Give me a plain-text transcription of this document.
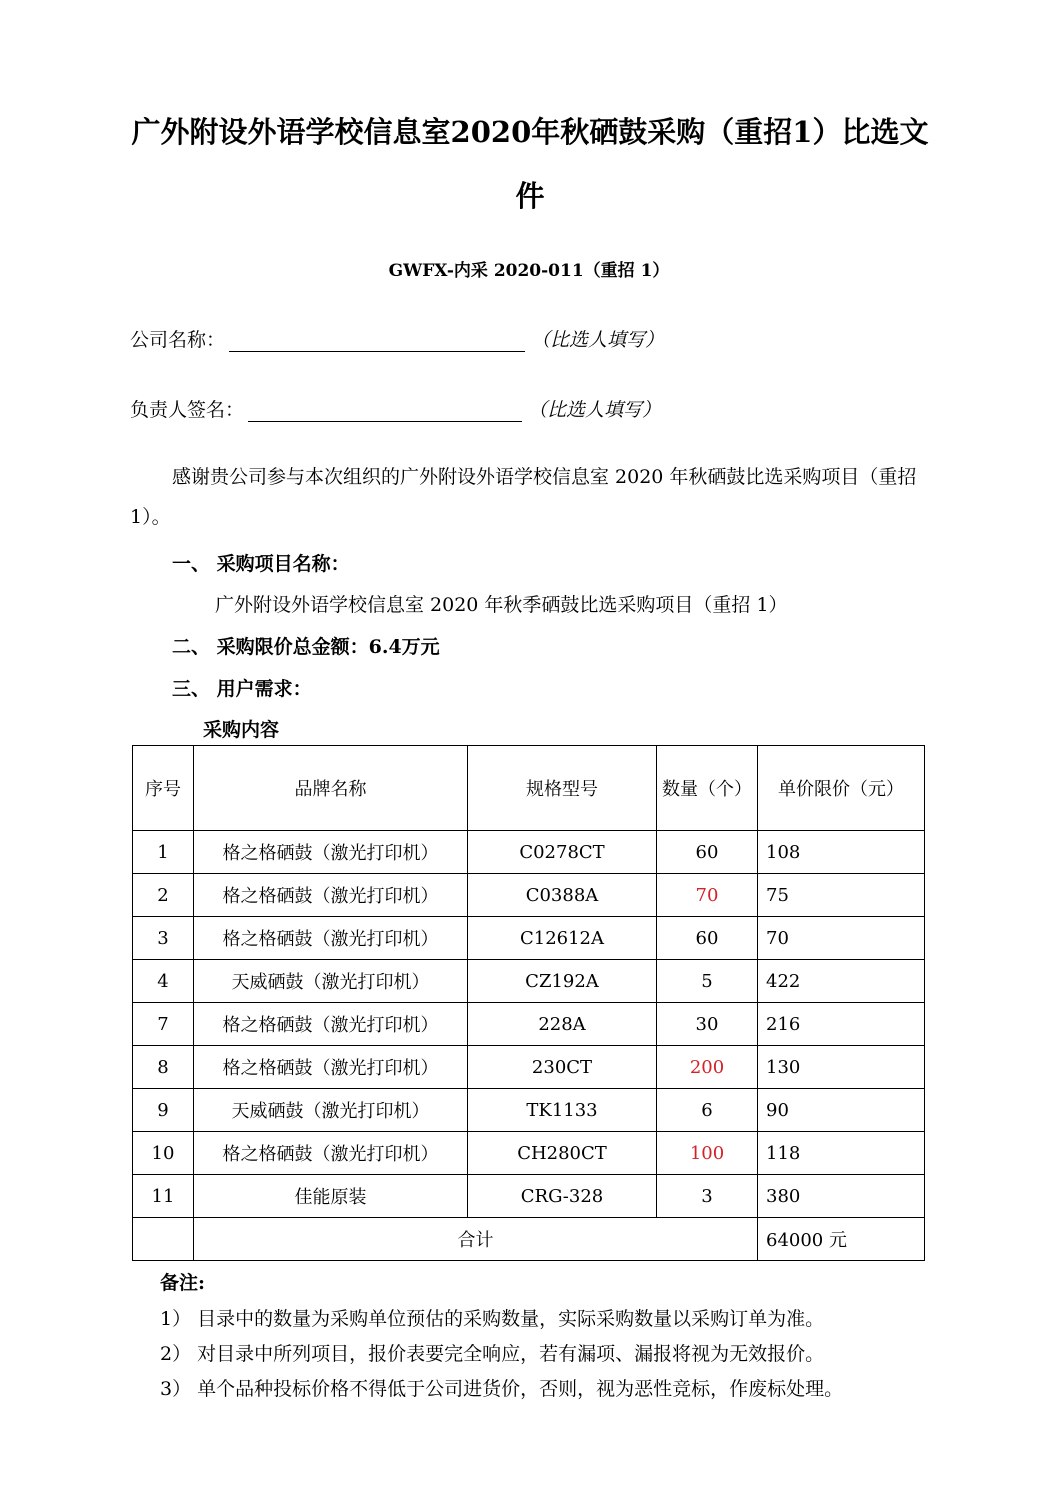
广外附设外语学校信息室2020年秋硒鼓采购（重招1）比选文件
GWFX-内采 2020-011（重招 1）
公司名称：	（比选人填写）
负责人签名：	（比选人填写）
感谢贵公司参与本次组织的广外附设外语学校信息室 2020 年秋硒鼓比选采购项目（重招 1）。
一、 采购项目名称：
广外附设外语学校信息室 2020 年秋季硒鼓比选采购项目（重招 1）
二、 采购限价总金额：6.4万元
三、 用户需求：
采购内容
序号	品牌名称	规格型号	数量（个）	单价限价（元）
1	格之格硒鼓（激光打印机）	C0278CT	60	108
2	格之格硒鼓（激光打印机）	C0388A	70	75
3	格之格硒鼓（激光打印机）	C12612A	60	70
4	天威硒鼓（激光打印机）	CZ192A	5	422
7	格之格硒鼓（激光打印机）	228A	30	216
8	格之格硒鼓（激光打印机）	230CT	200	130
9	天威硒鼓（激光打印机）	TK1133	6	90
10	格之格硒鼓（激光打印机）	CH280CT	100	118
11	佳能原装	CRG-328	3	380
	合计			64000 元
备注:
1） 目录中的数量为采购单位预估的采购数量，实际采购数量以采购订单为准。
2） 对目录中所列项目，报价表要完全响应，若有漏项、漏报将视为无效报价。
3） 单个品种投标价格不得低于公司进货价，否则，视为恶性竞标，作废标处理。
